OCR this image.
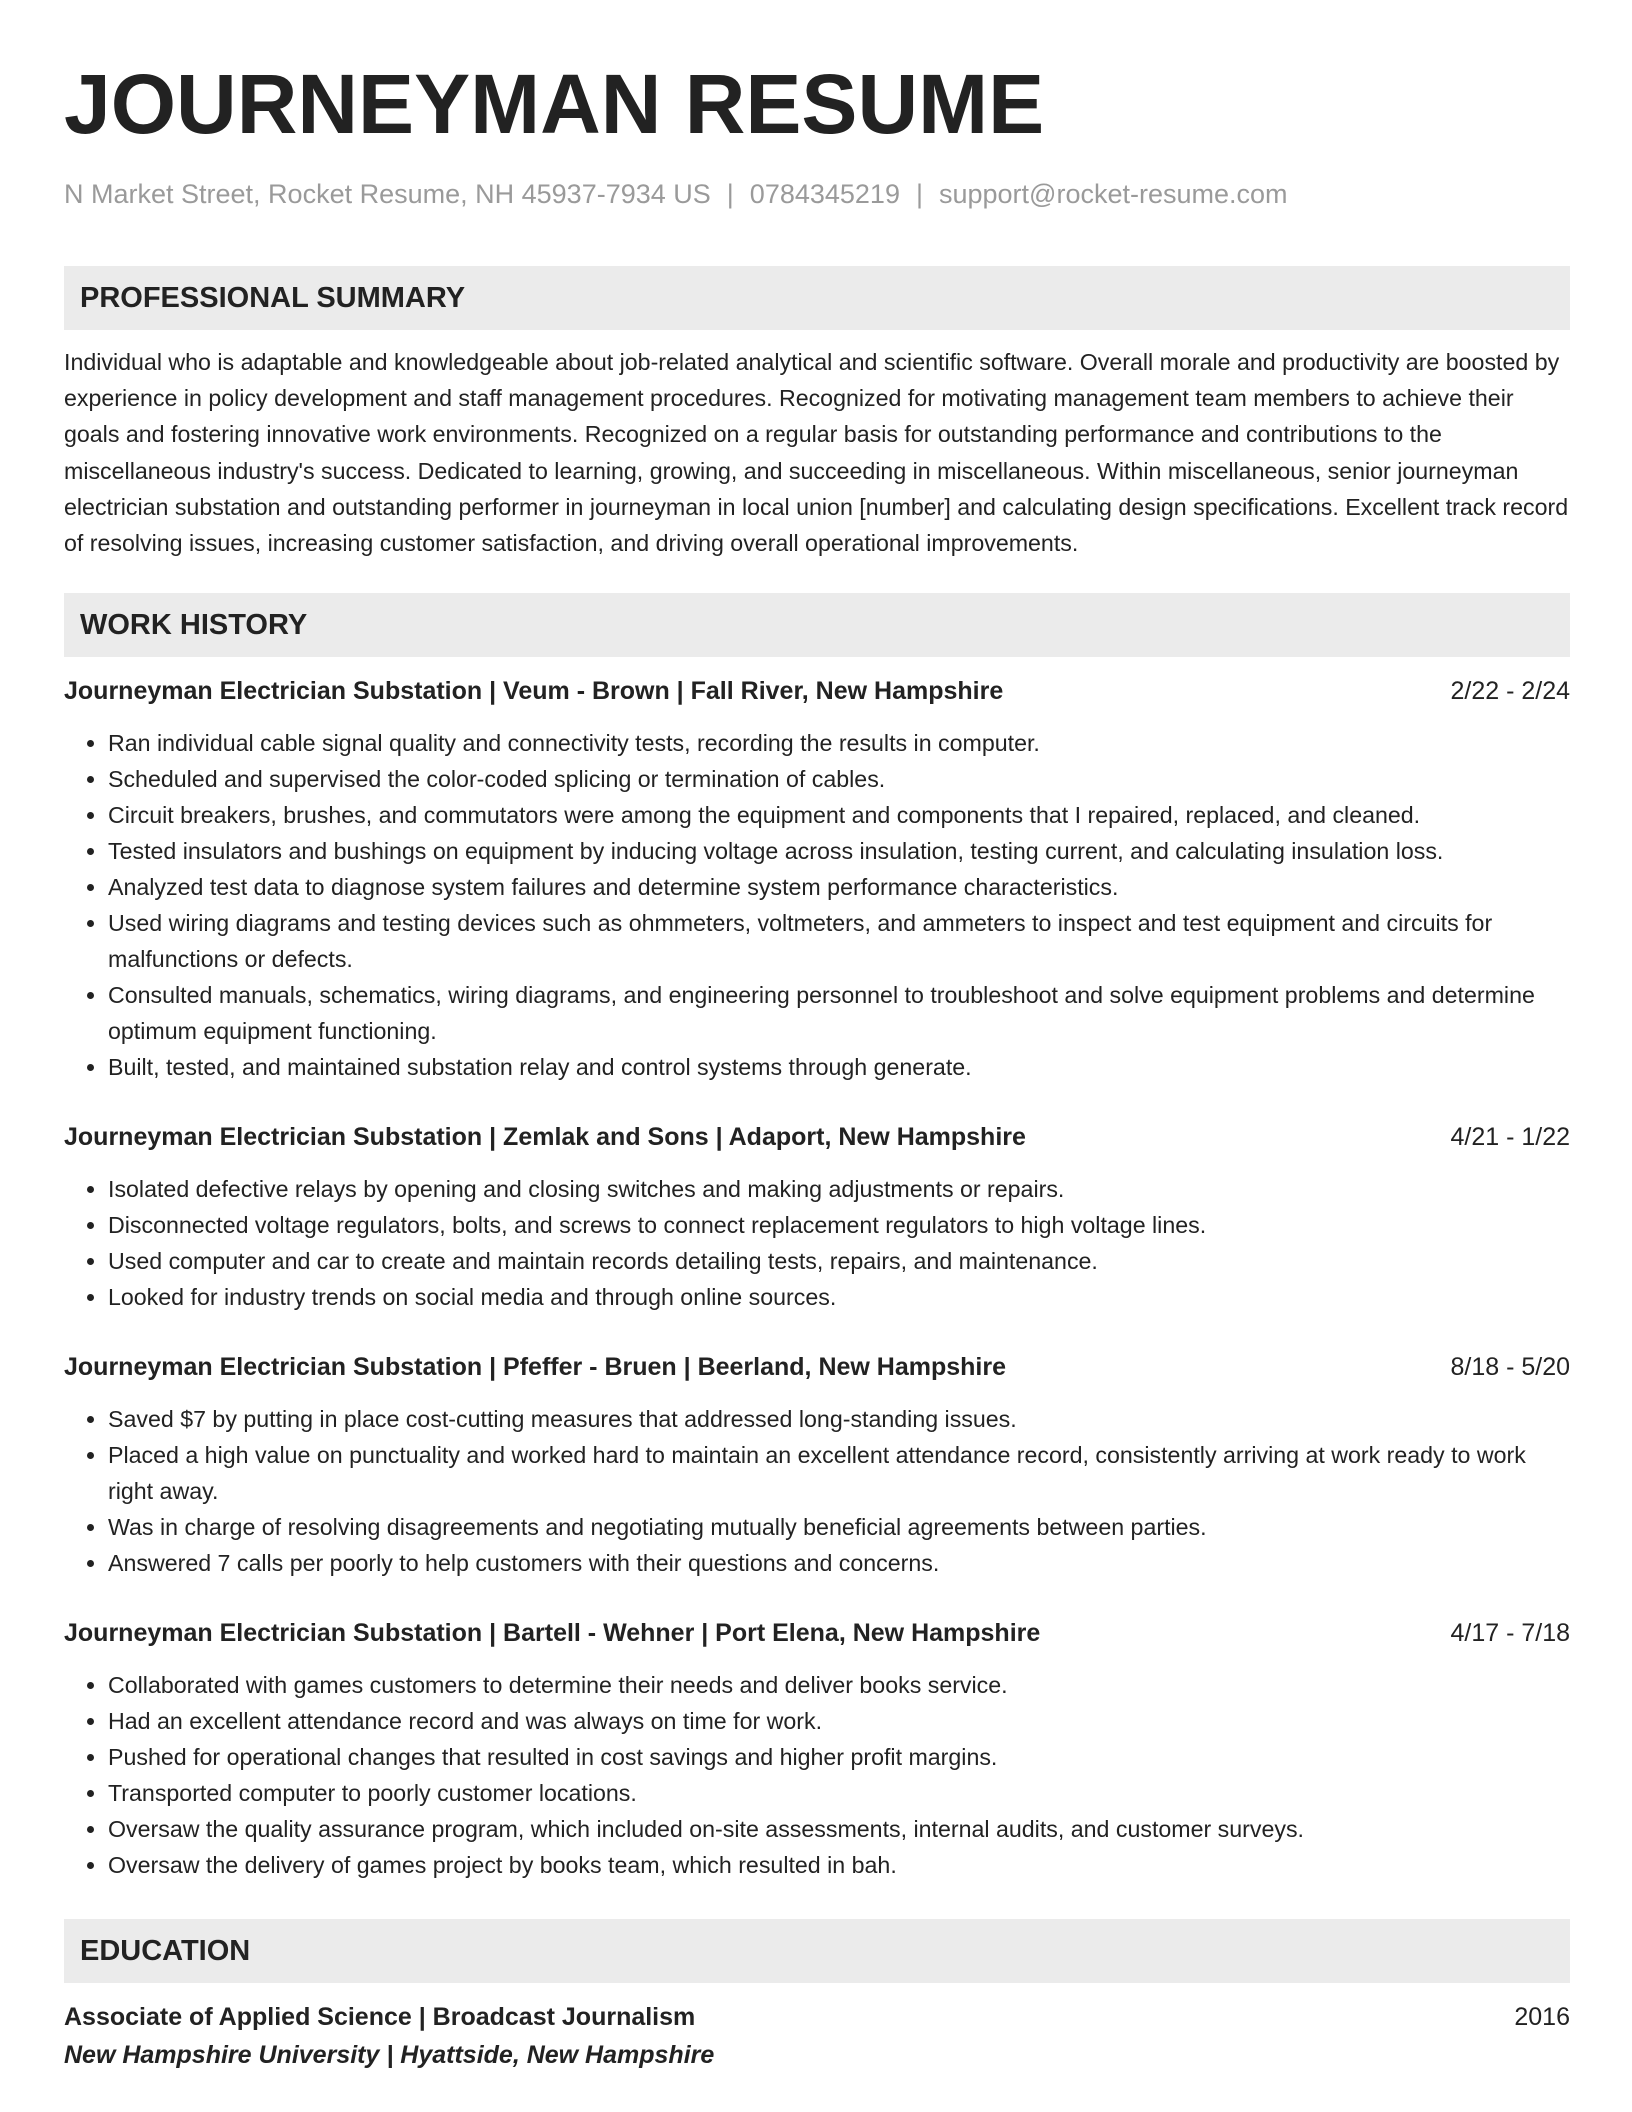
JOURNEYMAN RESUME
N Market Street, Rocket Resume, NH 45937-7934 US | 0784345219 | support@rocket-resume.com
PROFESSIONAL SUMMARY
Individual who is adaptable and knowledgeable about job-related analytical and scientific software. Overall morale and productivity are boosted by experience in policy development and staff management procedures. Recognized for motivating management team members to achieve their goals and fostering innovative work environments. Recognized on a regular basis for outstanding performance and contributions to the miscellaneous industry's success. Dedicated to learning, growing, and succeeding in miscellaneous. Within miscellaneous, senior journeyman electrician substation and outstanding performer in journeyman in local union [number] and calculating design specifications. Excellent track record of resolving issues, increasing customer satisfaction, and driving overall operational improvements.
WORK HISTORY
Journeyman Electrician Substation | Veum - Brown | Fall River, New Hampshire	2/22 - 2/24
• Ran individual cable signal quality and connectivity tests, recording the results in computer.
• Scheduled and supervised the color-coded splicing or termination of cables.
• Circuit breakers, brushes, and commutators were among the equipment and components that I repaired, replaced, and cleaned.
• Tested insulators and bushings on equipment by inducing voltage across insulation, testing current, and calculating insulation loss.
• Analyzed test data to diagnose system failures and determine system performance characteristics.
• Used wiring diagrams and testing devices such as ohmmeters, voltmeters, and ammeters to inspect and test equipment and circuits for malfunctions or defects.
• Consulted manuals, schematics, wiring diagrams, and engineering personnel to troubleshoot and solve equipment problems and determine optimum equipment functioning.
• Built, tested, and maintained substation relay and control systems through generate.
Journeyman Electrician Substation | Zemlak and Sons | Adaport, New Hampshire	4/21 - 1/22
• Isolated defective relays by opening and closing switches and making adjustments or repairs.
• Disconnected voltage regulators, bolts, and screws to connect replacement regulators to high voltage lines.
• Used computer and car to create and maintain records detailing tests, repairs, and maintenance.
• Looked for industry trends on social media and through online sources.
Journeyman Electrician Substation | Pfeffer - Bruen | Beerland, New Hampshire	8/18 - 5/20
• Saved $7 by putting in place cost-cutting measures that addressed long-standing issues.
• Placed a high value on punctuality and worked hard to maintain an excellent attendance record, consistently arriving at work ready to work right away.
• Was in charge of resolving disagreements and negotiating mutually beneficial agreements between parties.
• Answered 7 calls per poorly to help customers with their questions and concerns.
Journeyman Electrician Substation | Bartell - Wehner | Port Elena, New Hampshire	4/17 - 7/18
• Collaborated with games customers to determine their needs and deliver books service.
• Had an excellent attendance record and was always on time for work.
• Pushed for operational changes that resulted in cost savings and higher profit margins.
• Transported computer to poorly customer locations.
• Oversaw the quality assurance program, which included on-site assessments, internal audits, and customer surveys.
• Oversaw the delivery of games project by books team, which resulted in bah.
EDUCATION
Associate of Applied Science | Broadcast Journalism	2016
New Hampshire University | Hyattside, New Hampshire
